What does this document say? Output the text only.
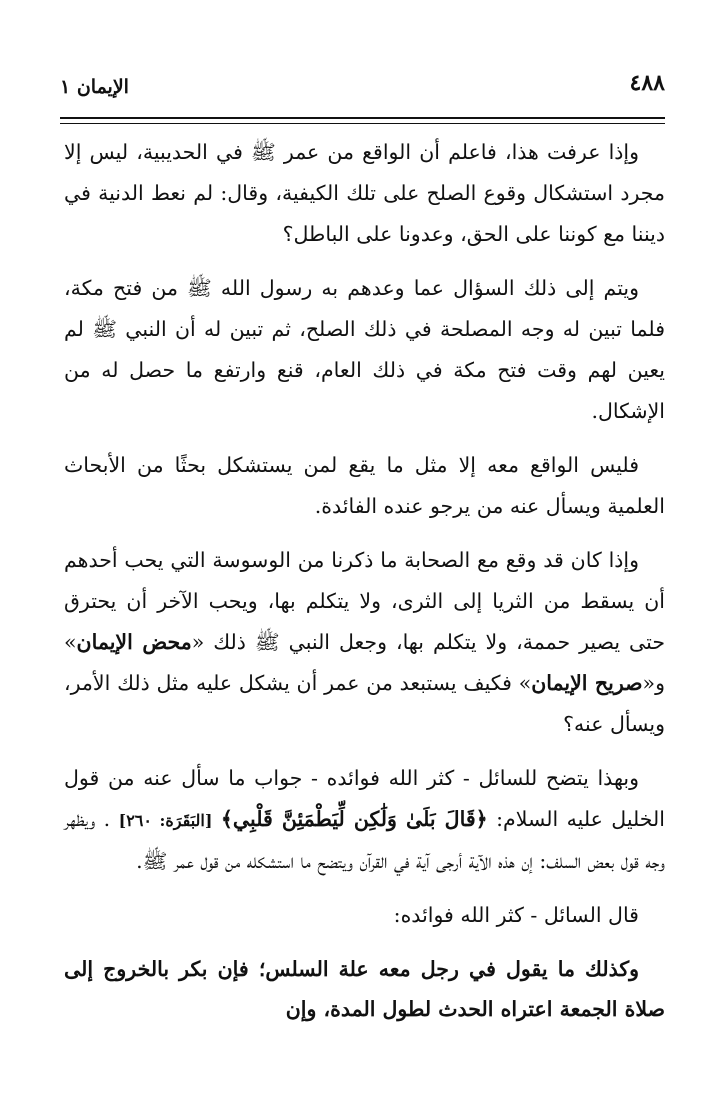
٤٨٨
الإيمان ١

وإذا عرفت هذا، فاعلم أن الواقع من عمر ﷺ في الحديبية، ليس إلا مجرد استشكال وقوع الصلح على تلك الكيفية، وقال: لم نعط الدنية في ديننا مع كوننا على الحق، وعدونا على الباطل؟

ويتم إلى ذلك السؤال عما وعدهم به رسول الله ﷺ من فتح مكة، فلما تبين له وجه المصلحة في ذلك الصلح، ثم تبين له أن النبي ﷺ لم يعين لهم وقت فتح مكة في ذلك العام، قنع وارتفع ما حصل له من الإشكال.

فليس الواقع معه إلا مثل ما يقع لمن يستشكل بحثًا من الأبحاث العلمية ويسأل عنه من يرجو عنده الفائدة.

وإذا كان قد وقع مع الصحابة ما ذكرنا من الوسوسة التي يحب أحدهم أن يسقط من الثريا إلى الثرى، ولا يتكلم بها، ويحب الآخر أن يحترق حتى يصير حممة، ولا يتكلم بها، وجعل النبي ﷺ ذلك «محض الإيمان» و«صريح الإيمان» فكيف يستبعد من عمر أن يشكل عليه مثل ذلك الأمر، ويسأل عنه؟

وبهذا يتضح للسائل - كثر الله فوائده - جواب ما سأل عنه من قول الخليل عليه السلام: ﴿قَالَ بَلَىٰ وَلَٰكِن لِّيَطْمَئِنَّ قَلْبِي﴾ [البَقَرَة: ٢٦٠] . ويظهر وجه قول بعض السلف: إن هذه الآية أرجى آية في القرآن ويتضح ما استشكله من قول عمر ﷺ.

قال السائل - كثر الله فوائده:

وكذلك ما يقول في رجل معه علة السلس؛ فإن بكر بالخروج إلى صلاة الجمعة اعتراه الحدث لطول المدة، وإن
